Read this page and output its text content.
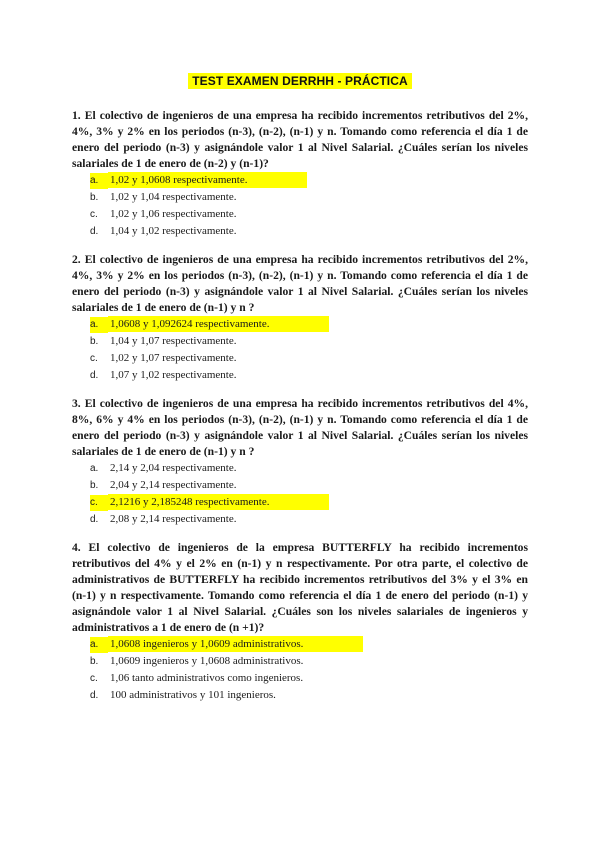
TEST EXAMEN DERRHH - PRÁCTICA

1. El colectivo de ingenieros de una empresa ha recibido incrementos retributivos del 2%, 4%, 3% y 2% en los periodos (n-3), (n-2), (n-1) y n. Tomando como referencia el día 1 de enero del periodo (n-3) y asignándole valor 1 al Nivel Salarial. ¿Cuáles serían los niveles salariales de 1 de enero de (n-2) y (n-1)?

a.	1,02 y 1,0608 respectivamente.
b.	1,02 y 1,04 respectivamente.
c.	1,02 y 1,06 respectivamente.
d.	1,04 y 1,02 respectivamente.

2. El colectivo de ingenieros de una empresa ha recibido incrementos retributivos del 2%, 4%, 3% y 2% en los periodos (n-3), (n-2), (n-1) y n. Tomando como referencia el día 1 de enero del periodo (n-3) y asignándole valor 1 al Nivel Salarial. ¿Cuáles serían los niveles salariales de 1 de enero de (n-1) y n ?

a.	1,0608 y 1,092624 respectivamente.
b.	1,04 y 1,07 respectivamente.
c.	1,02 y 1,07 respectivamente.
d.	1,07 y 1,02 respectivamente.

3. El colectivo de ingenieros de una empresa ha recibido incrementos retributivos del 4%, 8%, 6% y 4% en los periodos (n-3), (n-2), (n-1) y n. Tomando como referencia el día 1 de enero del periodo (n-3) y asignándole valor 1 al Nivel Salarial. ¿Cuáles serían los niveles salariales de 1 de enero de (n-1) y n ?

a.	2,14 y 2,04 respectivamente.
b.	2,04 y 2,14 respectivamente.
c.	2,1216 y 2,185248 respectivamente.
d.	2,08 y 2,14 respectivamente.

4. El colectivo de ingenieros de la empresa BUTTERFLY ha recibido incrementos retributivos del 4% y el 2% en (n-1) y n respectivamente. Por otra parte, el colectivo de administrativos de BUTTERFLY ha recibido incrementos retributivos del 3% y el 3% en (n-1) y n respectivamente. Tomando como referencia el día 1 de enero del periodo (n-1) y asignándole valor 1 al Nivel Salarial. ¿Cuáles son los niveles salariales de ingenieros y administrativos a 1 de enero de (n +1)?

a.	1,0608 ingenieros y 1,0609 administrativos.
b.	1,0609 ingenieros y 1,0608 administrativos.
c.	1,06 tanto administrativos como ingenieros.
d.	100 administrativos y 101 ingenieros.
